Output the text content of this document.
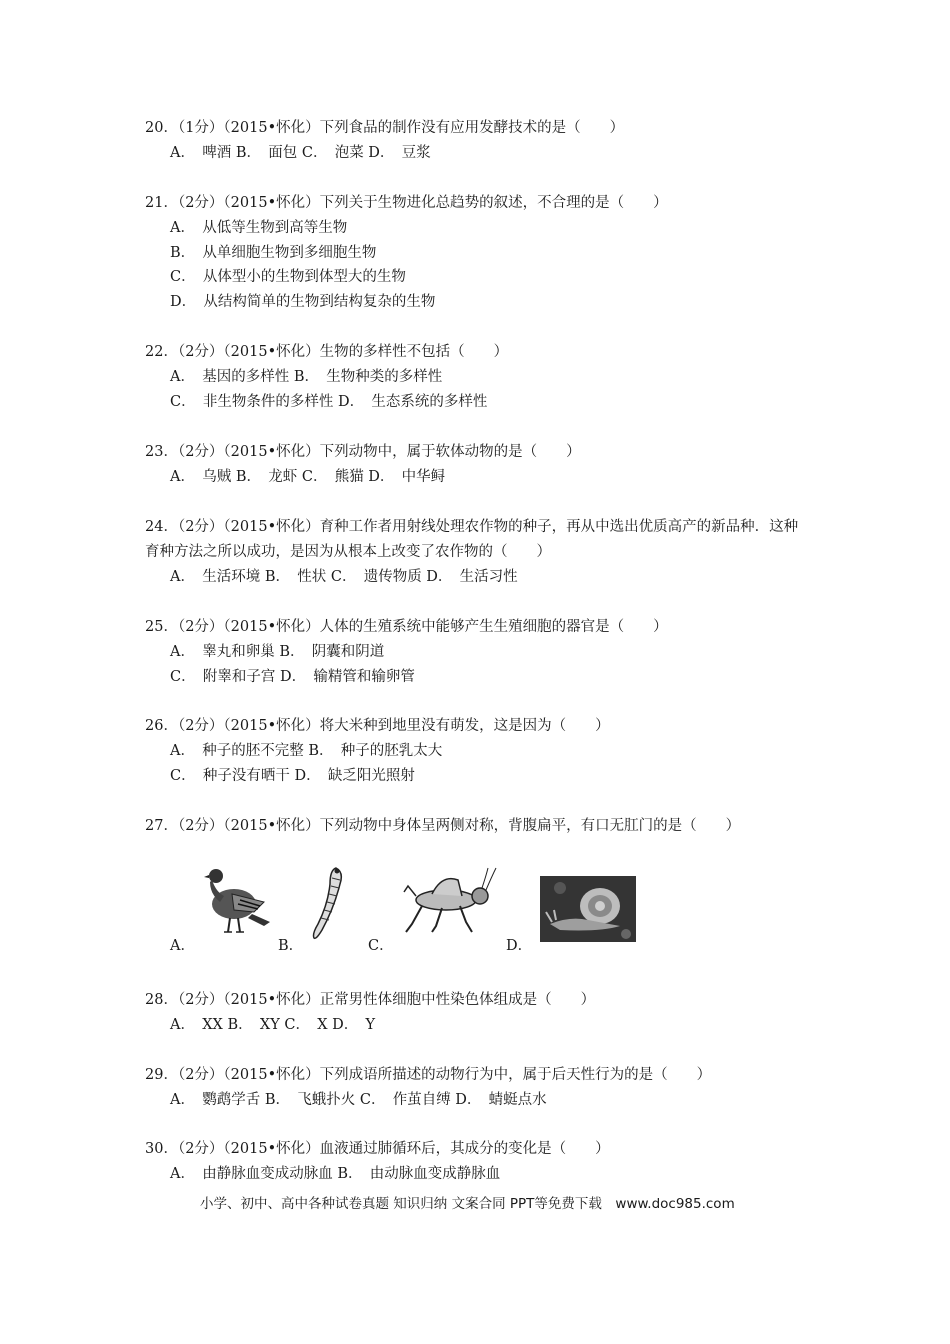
20．（1分）（2015•怀化）下列食品的制作没有应用发酵技术的是（　　）
A．　啤酒 B．　面包 C．　泡菜 D．　豆浆
21．（2分）（2015•怀化）下列关于生物进化总趋势的叙述，不合理的是（　　）
A．　从低等生物到高等生物
B．　从单细胞生物到多细胞生物
C．　从体型小的生物到体型大的生物
D．　从结构简单的生物到结构复杂的生物
22．（2分）（2015•怀化）生物的多样性不包括（　　）
A．　基因的多样性 B．　生物种类的多样性
C．　非生物条件的多样性 D．　生态系统的多样性
23．（2分）（2015•怀化）下列动物中，属于软体动物的是（　　）
A．　乌贼 B．　龙虾 C．　熊猫 D．　中华鲟
24．（2分）（2015•怀化）育种工作者用射线处理农作物的种子，再从中选出优质高产的新品种．这种育种方法之所以成功，是因为从根本上改变了农作物的（　　）
A．　生活环境 B．　性状 C．　遗传物质 D．　生活习性
25．（2分）（2015•怀化）人体的生殖系统中能够产生生殖细胞的器官是（　　）
A．　睾丸和卵巢 B．　阴囊和阴道
C．　附睾和子宫 D．　输精管和输卵管
26．（2分）（2015•怀化）将大米种到地里没有萌发，这是因为（　　）
A．　种子的胚不完整 B．　种子的胚乳太大
C．　种子没有晒干 D．　缺乏阳光照射
27．（2分）（2015•怀化）下列动物中身体呈两侧对称，背腹扁平，有口无肛门的是（　　）
A．	B．	C．	D．
28．（2分）（2015•怀化）正常男性体细胞中性染色体组成是（　　）
A．　XX B．　XY C．　X D．　Y
29．（2分）（2015•怀化）下列成语所描述的动物行为中，属于后天性行为的是（　　）
A．　鹦鹉学舌 B．　飞蛾扑火 C．　作茧自缚 D．　蜻蜓点水
30．（2分）（2015•怀化）血液通过肺循环后，其成分的变化是（　　）
A．　由静脉血变成动脉血 B．　由动脉血变成静脉血
小学、初中、高中各种试卷真题 知识归纳 文案合同 PPT等免费下载　www.doc985.com
